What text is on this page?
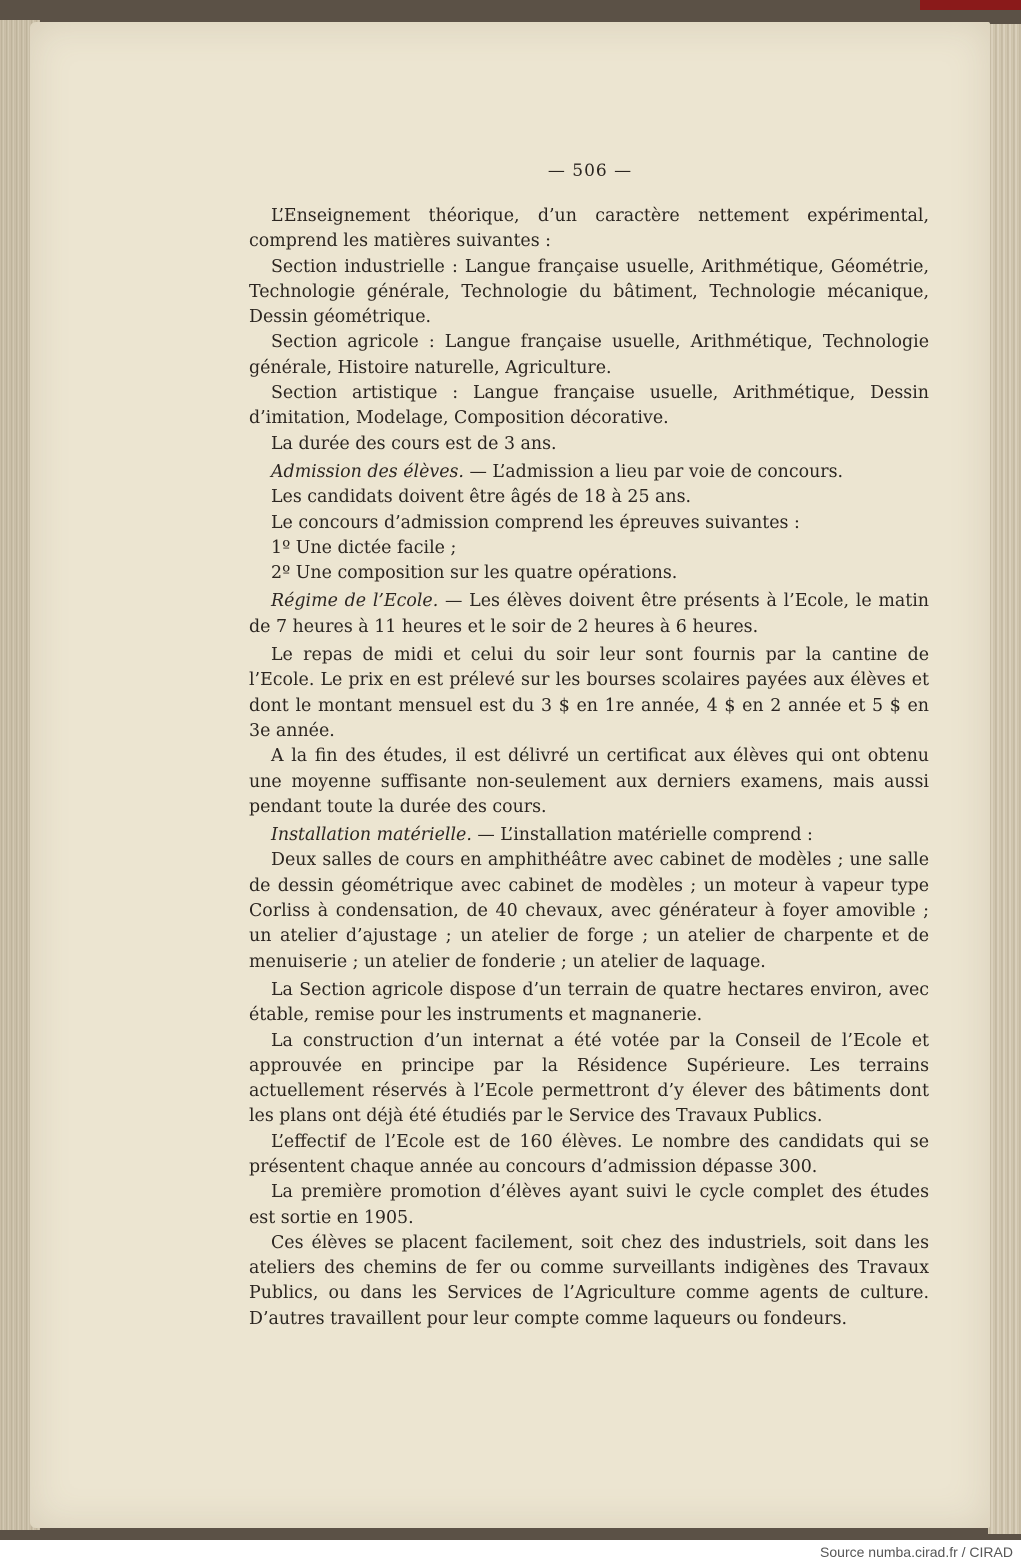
— 506 —

L’Enseignement théorique, d’un caractère nettement expérimental, comprend les matières suivantes :

Section industrielle : Langue française usuelle, Arithmétique, Géométrie, Technologie générale, Technologie du bâtiment, Technologie mécanique, Dessin géométrique.

Section agricole : Langue française usuelle, Arithmétique, Technologie générale, Histoire naturelle, Agriculture.

Section artistique : Langue française usuelle, Arithmétique, Dessin d’imitation, Modelage, Composition décorative.

La durée des cours est de 3 ans.

Admission des élèves. — L’admission a lieu par voie de concours.

Les candidats doivent être âgés de 18 à 25 ans.

Le concours d’admission comprend les épreuves suivantes :

1º Une dictée facile ;

2º Une composition sur les quatre opérations.

Régime de l’Ecole. — Les élèves doivent être présents à l’Ecole, le matin de 7 heures à 11 heures et le soir de 2 heures à 6 heures.

Le repas de midi et celui du soir leur sont fournis par la cantine de l’Ecole. Le prix en est prélevé sur les bourses scolaires payées aux élèves et dont le montant mensuel est du 3 $ en 1re année, 4 $ en 2 année et 5 $ en 3e année.

A la fin des études, il est délivré un certificat aux élèves qui ont obtenu une moyenne suffisante non-seulement aux derniers examens, mais aussi pendant toute la durée des cours.

Installation matérielle. — L’installation matérielle comprend :

Deux salles de cours en amphithéâtre avec cabinet de modèles ; une salle de dessin géométrique avec cabinet de modèles ; un moteur à vapeur type Corliss à condensation, de 40 chevaux, avec générateur à foyer amovible ; un atelier d’ajustage ; un atelier de forge ; un atelier de charpente et de menuiserie ; un atelier de fonderie ; un atelier de laquage.

La Section agricole dispose d’un terrain de quatre hectares environ, avec étable, remise pour les instruments et magnanerie.

La construction d’un internat a été votée par la Conseil de l’Ecole et approuvée en principe par la Résidence Supérieure. Les terrains actuellement réservés à l’Ecole permettront d’y élever des bâtiments dont les plans ont déjà été étudiés par le Service des Travaux Publics.

L’effectif de l’Ecole est de 160 élèves. Le nombre des candidats qui se présentent chaque année au concours d’admission dépasse 300.

La première promotion d’élèves ayant suivi le cycle complet des études est sortie en 1905.

Ces élèves se placent facilement, soit chez des industriels, soit dans les ateliers des chemins de fer ou comme surveillants indigènes des Travaux Publics, ou dans les Services de l’Agriculture comme agents de culture. D’autres travaillent pour leur compte comme laqueurs ou fondeurs.

Source numba.cirad.fr / CIRAD
